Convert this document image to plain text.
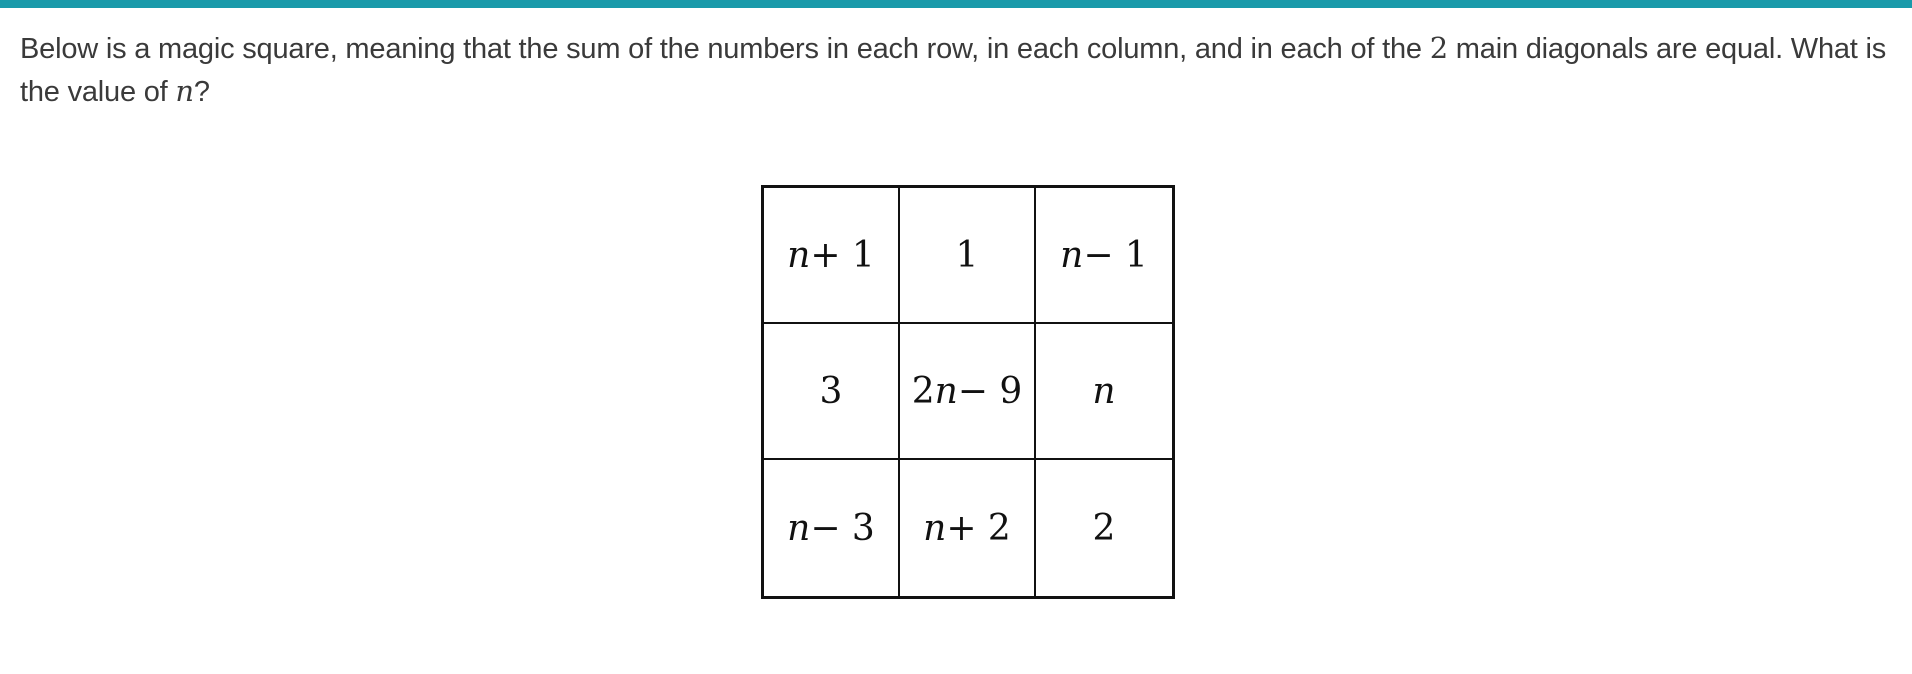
Below is a magic square, meaning that the sum of the numbers in each row, in each column, and in each of the 2 main diagonals are equal. What is the value of n?
n + 1	1	n − 1
3	2 n − 9	n
n − 3	n + 2	2
